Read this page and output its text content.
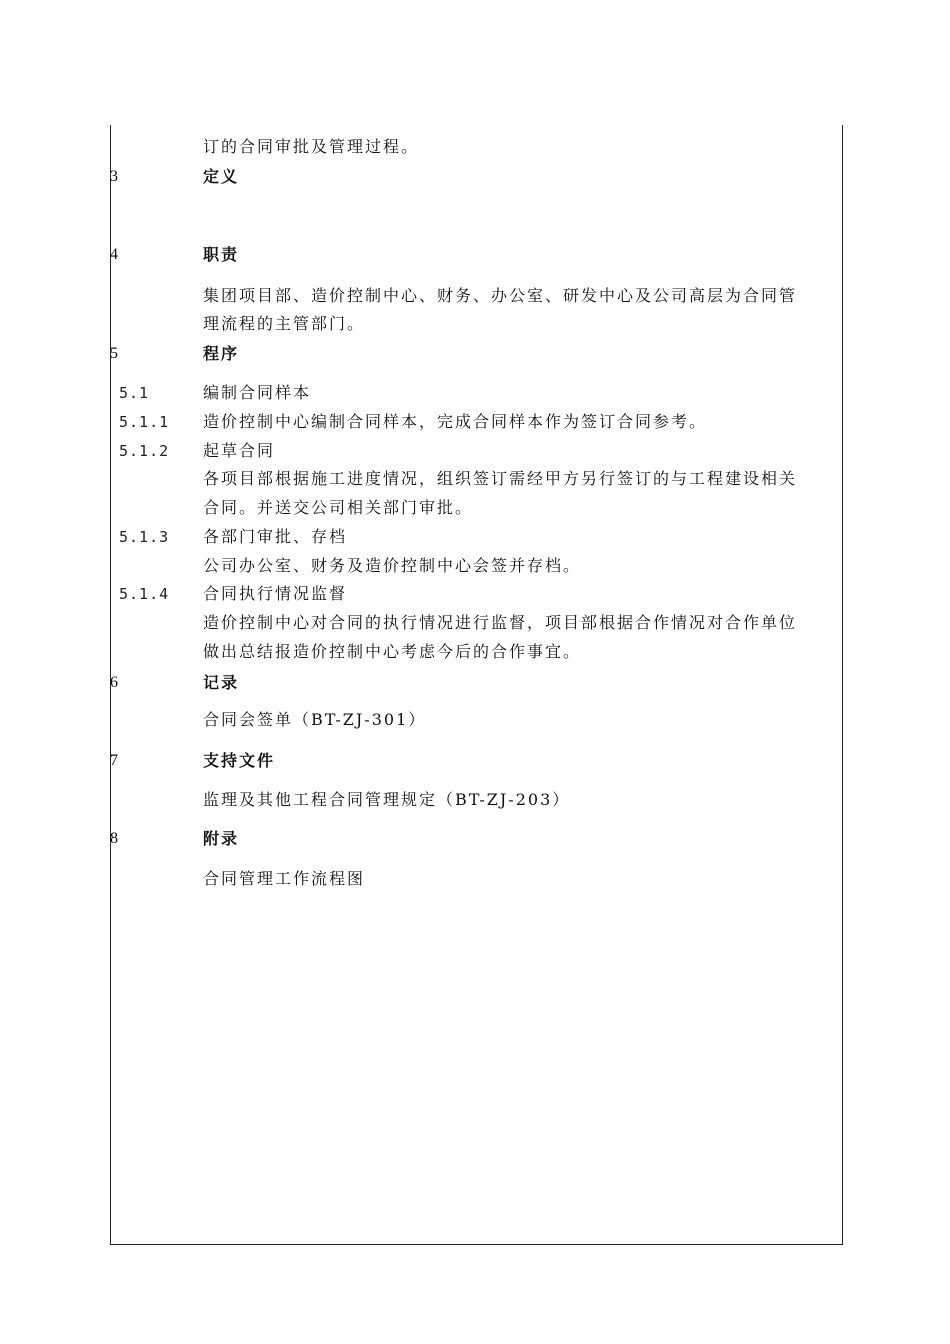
订的合同审批及管理过程。
3	定义
4	职责
集团项目部、造价控制中心、财务、办公室、研发中心及公司高层为合同管
理流程的主管部门。
5	程序
5.1	编制合同样本
5.1.1 造价控制中心编制合同样本，完成合同样本作为签订合同参考。
5.1.2 起草合同
各项目部根据施工进度情况，组织签订需经甲方另行签订的与工程建设相关
合同。并送交公司相关部门审批。
5.1.3 各部门审批、存档
公司办公室、财务及造价控制中心会签并存档。
5.1.4 合同执行情况监督
造价控制中心对合同的执行情况进行监督，项目部根据合作情况对合作单位
做出总结报造价控制中心考虑今后的合作事宜。
6	记录
合同会签单（BT-ZJ-301）
7	支持文件
监理及其他工程合同管理规定（BT-ZJ-203）
8	附录
合同管理工作流程图
